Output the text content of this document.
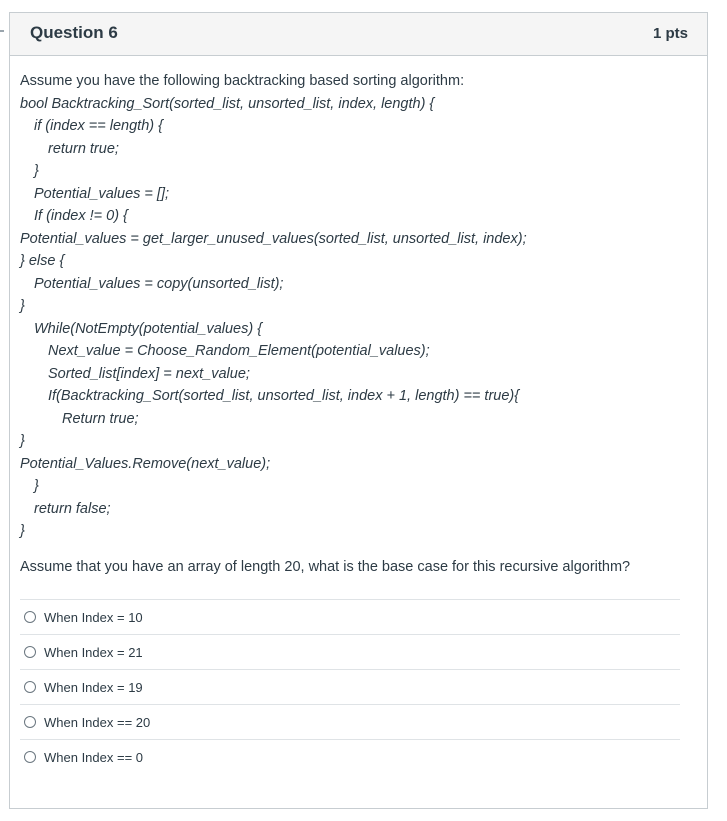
Question 6	1 pts
Assume you have the following backtracking based sorting algorithm:
bool Backtracking_Sort(sorted_list, unsorted_list, index, length) {
if (index == length) {
return true;
}
Potential_values = [];
If (index != 0) {
Potential_values = get_larger_unused_values(sorted_list, unsorted_list, index);
} else {
Potential_values = copy(unsorted_list);
}
While(NotEmpty(potential_values) {
Next_value = Choose_Random_Element(potential_values);
Sorted_list[index] = next_value;
If(Backtracking_Sort(sorted_list, unsorted_list, index + 1, length) == true){
Return true;
}
Potential_Values.Remove(next_value);
}
return false;
}
Assume that you have an array of length 20, what is the base case for this recursive algorithm?
When Index = 10
When Index = 21
When Index = 19
When Index == 20
When Index == 0
